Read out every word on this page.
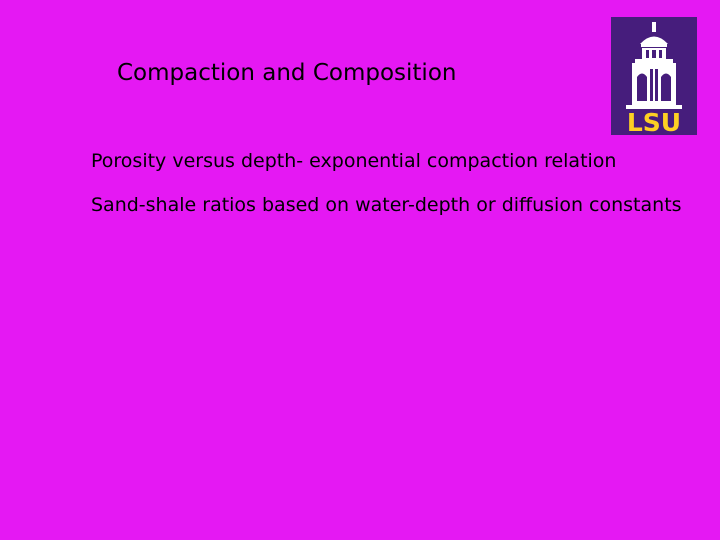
Compaction and Composition
LSU
Porosity versus depth- exponential compaction relation
Sand-shale ratios based on water-depth or diffusion constants
